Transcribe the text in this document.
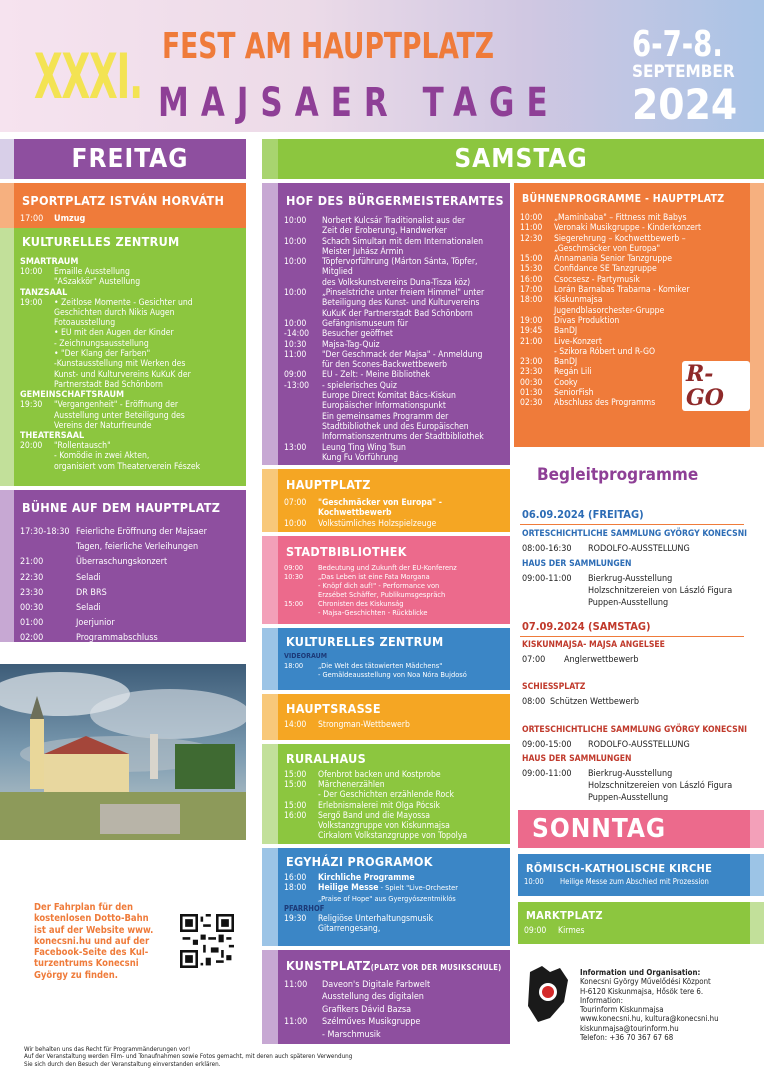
XXXI. FEST AM HAUPTPLATZ
MAJSAER TAGE
6-7-8.
SEPTEMBER
2024
FREITAG	SAMSTAG
SPORTPLATZ ISTVÁN HORVÁTH
17:00	Umzug
KULTURELLES ZENTRUM
SMARTRAUM
10:00	Emaille Ausstellung
"ASzakkör" Austellung
TANZSAAL
19:00	• Zeitlose Momente - Gesichter und
Geschichten durch Nikis Augen
Fotoausstellung
• EU mit den Augen der Kinder
- Zeichnungsausstellung
• "Der Klang der Farben"
-Kunstausstellung mit Werken des
Kunst- und Kulturvereins KuKuK der
Partnerstadt Bad Schönborn
GEMEINSCHAFTSRAUM
19:30	"Vergangenheit" - Eröffnung der
Ausstellung unter Beteiligung des
Vereins der Naturfreunde
THEATERSAAL
20:00	"Rollentausch"
- Komödie in zwei Akten,
organisiert vom Theaterverein Fészek
BÜHNE AUF DEM HAUPTPLATZ
17:30-18:30 Feierliche Eröffnung der Majsaer
Tagen, feierliche Verleihungen
21:00	Überraschungskonzert
22:30	Seladi
23:30	DR BRS
00:30	Seladi
01:00	Joerjunior
02:00	Programmabschluss
Der Fahrplan für den
kostenlosen Dotto-Bahn
ist auf der Website www.
konecsni.hu und auf der
Facebook-Seite des Kul-
turzentrums Konecsni
György zu finden.
HOF DES BÜRGERMEISTERAMTES
10:00	Norbert Kulcsár Traditionalist aus der
Zeit der Eroberung, Handwerker
10:00	Schach Simultan mit dem Internationalen
Meister Juhász Ármin
10:00	Töpfervorführung (Márton Sánta, Töpfer, Mitglied
des Volkskunstvereins Duna-Tisza köz)
10:00	„Pinselstriche unter freiem Himmel" unter
Beteiligung des Kunst- und Kulturvereins
KuKuK der Partnerstadt Bad Schönborn
10:00	Gefängnismuseum für
-14:00	Besucher geöffnet
10:30	Majsa-Tag-Quiz
11:00	"Der Geschmack der Majsa" - Anmeldung
für den Scones-Backwettbewerb
09:00	EU - Zelt: - Meine Bibliothek
-13:00	- spielerisches Quiz
Europe Direct Komitat Bács-Kiskun
Europäischer Informationspunkt
Ein gemeinsames Programm der
Stadtbibliothek und des Europäischen
Informationszentrums der Stadtbibliothek
13:00	Leung Ting Wing Tsun
Kung Fu Vorführung
HAUPTPLATZ
07:00	"Geschmäcker von Europa" -
Kochwettbewerb
10:00	Volkstümliches Holzspielzeuge
STADTBIBLIOTHEK
09:00	Bedeutung und Zukunft der EU-Konferenz
10:30	„Das Leben ist eine Fata Morgana
- Knöpf dich auf!" - Performance von
Erzsébet Schäffer, Publikumsgespräch
15:00	Chronisten des Kiskunság
- Majsa-Geschichten - Rückblicke
KULTURELLES ZENTRUM
VIDEORAUM
18:00	„Die Welt des tätowierten Mädchens"
- Gemäldeausstellung von Noa Nóra Bujdosó
HAUPTSRASSE
14:00	Strongman-Wettbewerb
RURALHAUS
15:00	Ofenbrot backen und Kostprobe
15:00	Märchenerzählen
- Der Geschichten erzählende Rock
15:00	Erlebnismalerei mit Olga Pócsik
16:00	Sergő Band und die Mayossa
Volkstanzgruppe von Kiskunmajsa
Cirkalom Volkstanzgruppe von Topolya
EGYHÁZI PROGRAMOK
16:00	Kirchliche Programme
18:00	Heilige Messe - Spielt "Live-Orchester
„Praise of Hope" aus Gyergyószentmiklós
PFARRHOF
19:30	Religiöse Unterhaltungsmusik
Gitarrengesang,
KUNSTPLATZ(PLATZ VOR DER MUSIKSCHULE)
11:00	Daveon's Digitale Farbwelt
Ausstellung des digitalen
Grafikers Dávid Bazsa
11:00	Szélműves Musikgruppe
- Marschmusik
BÜHNENPROGRAMME - HAUPTPLATZ
10:00	„Maminbaba" – Fittness mit Babys
11:00	Veronaki Musikgruppe - Kinderkonzert
12:30	Siegerehrung – Kochwettbewerb –
„Geschmäcker von Europa"
15:00	Annamania Senior Tanzgruppe
15:30	Confidance SE Tanzgruppe
16:00	Csocsesz - Partymusik
17:00	Lorán Barnabas Trabarna - Komiker
18:00	Kiskunmajsa
Jugendblasorchester-Gruppe
19:00	Divas Produktion
19:45	BanDJ
21:00	Live-Konzert
- Szikora Róbert und R-GO
23:00	BanDJ
23:30	Regán Lili
00:30	Cooky
01:30	SeniorFish
02:30	Abschluss des Programms
R-GO
Begleitprogramme
06.09.2024 (FREITAG)
ORTESCHICHTLICHE SAMMLUNG GYÖRGY KONECSNI
08:00-16:30 RODOLFO-AUSSTELLUNG
HAUS DER SAMMLUNGEN
09:00-11:00 Bierkrug-Ausstellung
Holzschnitzereien von László Figura
Puppen-Ausstellung
07.09.2024 (SAMSTAG)
KISKUNMAJSA- MAJSA ANGELSEE
07:00 Anglerwettbewerb
SCHIESSPLATZ
08:00 Schützen Wettbewerb
ORTESCHICHTLICHE SAMMLUNG GYÖRGY KONECSNI
09:00-15:00 RODOLFO-AUSSTELLUNG
HAUS DER SAMMLUNGEN
09:00-11:00 Bierkrug-Ausstellung
Holzschnitzereien von László Figura
Puppen-Ausstellung
SONNTAG
RÖMISCH-KATHOLISCHE KIRCHE
10:00	Heilige Messe zum Abschied mit Prozession
MARKTPLATZ
09:00	Kirmes
Information und Organisation:
Konecsni György Művelődési Központ
H-6120 Kiskunmajsa, Hősök tere 6.
Information:
Tourinform Kiskunmajsa
www.konecsni.hu, kultura@konecsni.hu
kiskunmajsa@tourinform.hu
Telefon: +36 70 367 67 68
Wir behalten uns das Recht für Programmänderungen vor!
Auf der Veranstaltung werden Film- und Tonaufnahmen sowie Fotos gemacht, mit deren auch späteren Verwendung
Sie sich durch den Besuch der Veranstaltung einverstanden erklären.
